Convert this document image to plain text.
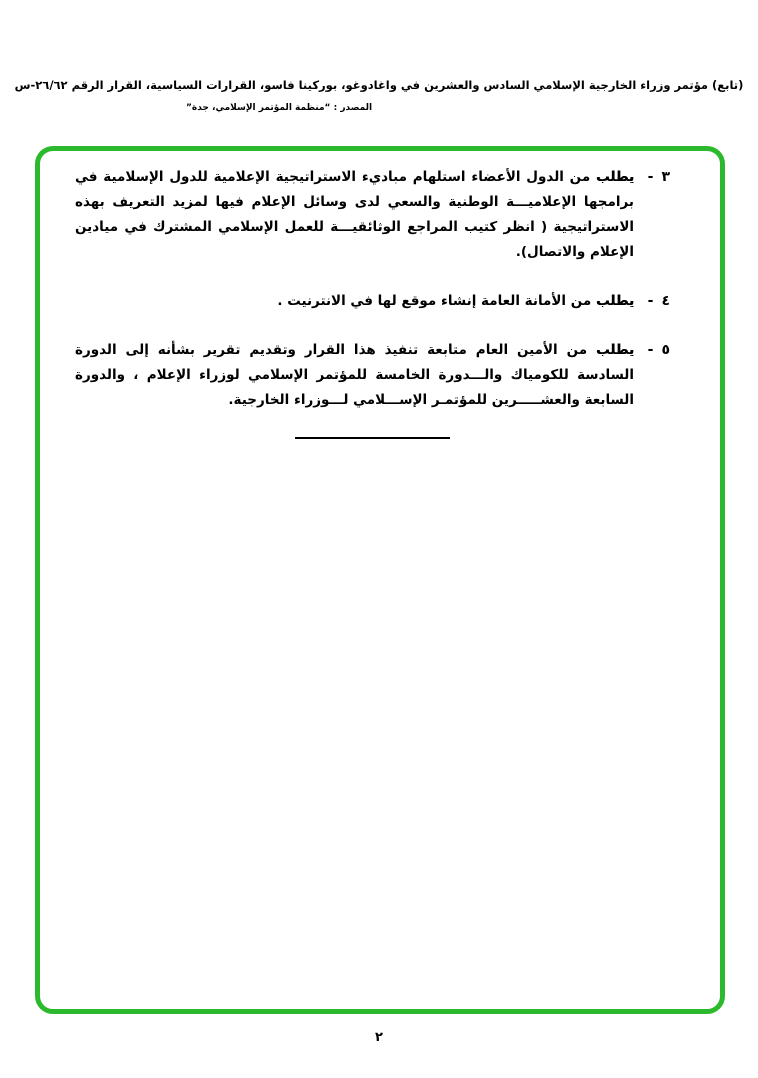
(تابع) مؤتمر وزراء الخارجية الإسلامي السادس والعشرين في واغادوغو، بوركينا فاسو، القرارات السياسية، القرار الرقم ٢٦/٦٢-س
المصدر : “منظمة المؤتمر الإسلامي، جدة”
٣
-
يطلب من الدول الأعضاء استلهام مباديء الاستراتيجية الإعلامية للدول الإسلامية في برامجها الإعلاميـــة الوطنية والسعي لدى وسائل الإعلام فيها لمزيد التعريف بهذه الاستراتيجية ( انظر كتيب المراجع الوثائقيـــة للعمل الإسلامي المشترك في ميادين الإعلام والاتصال).
٤
-
يطلب من الأمانة العامة إنشاء موقع لها في الانترنيت .
٥
-
يطلب من الأمين العام متابعة تنفيذ هذا القرار وتقديم تقرير بشأنه إلى الدورة السادسة للكومياك والـــدورة الخامسة للمؤتمر الإسلامي لوزراء الإعلام ، والدورة السابعة والعشـــــرين للمؤتمـر الإســـلامي لـــوزراء الخارجية.
٢
